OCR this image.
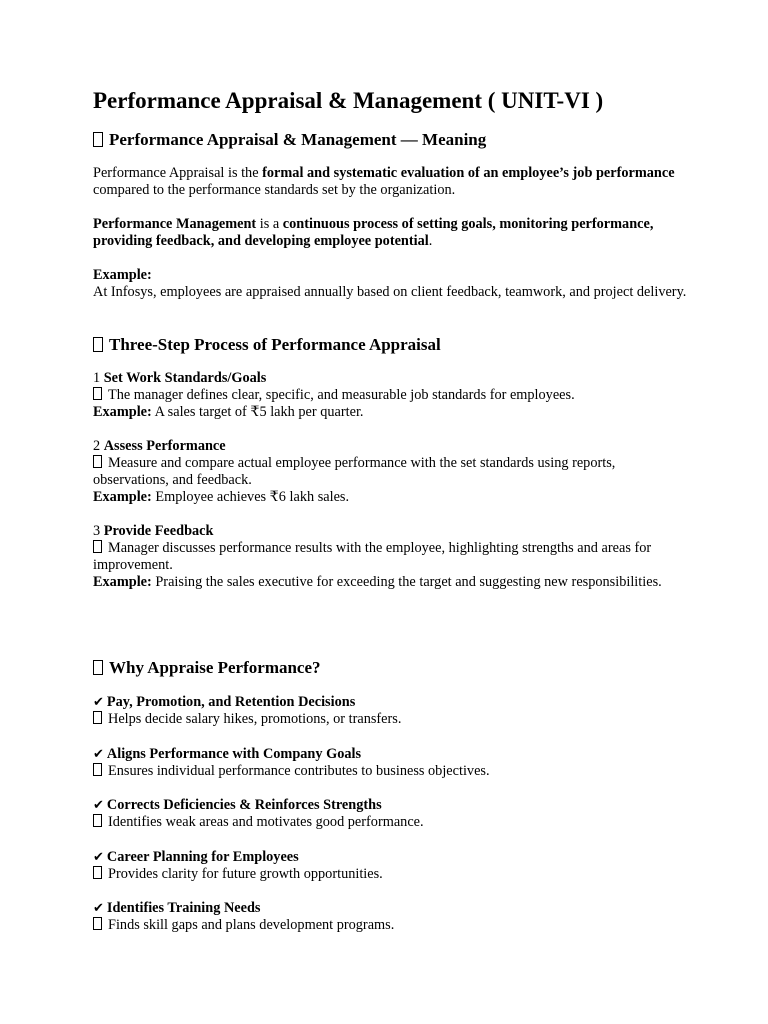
Performance Appraisal & Management ( UNIT-VI )
Performance Appraisal & Management — Meaning

Performance Appraisal is the formal and systematic evaluation of an employee’s job performance compared to the performance standards set by the organization.

Performance Management is a continuous process of setting goals, monitoring performance, providing feedback, and developing employee potential.

Example:
At Infosys, employees are appraised annually based on client feedback, teamwork, and project delivery.

Three-Step Process of Performance Appraisal
1 Set Work Standards/Goals
The manager defines clear, specific, and measurable job standards for employees.
Example: A sales target of ₹5 lakh per quarter.
2 Assess Performance
Measure and compare actual employee performance with the set standards using reports, observations, and feedback.
Example: Employee achieves ₹6 lakh sales.
3 Provide Feedback
Manager discusses performance results with the employee, highlighting strengths and areas for improvement.
Example: Praising the sales executive for exceeding the target and suggesting new responsibilities.
Why Appraise Performance?
✔ Pay, Promotion, and Retention Decisions
Helps decide salary hikes, promotions, or transfers.
✔ Aligns Performance with Company Goals
Ensures individual performance contributes to business objectives.
✔ Corrects Deficiencies & Reinforces Strengths
Identifies weak areas and motivates good performance.
✔ Career Planning for Employees
Provides clarity for future growth opportunities.
✔ Identifies Training Needs
Finds skill gaps and plans development programs.
